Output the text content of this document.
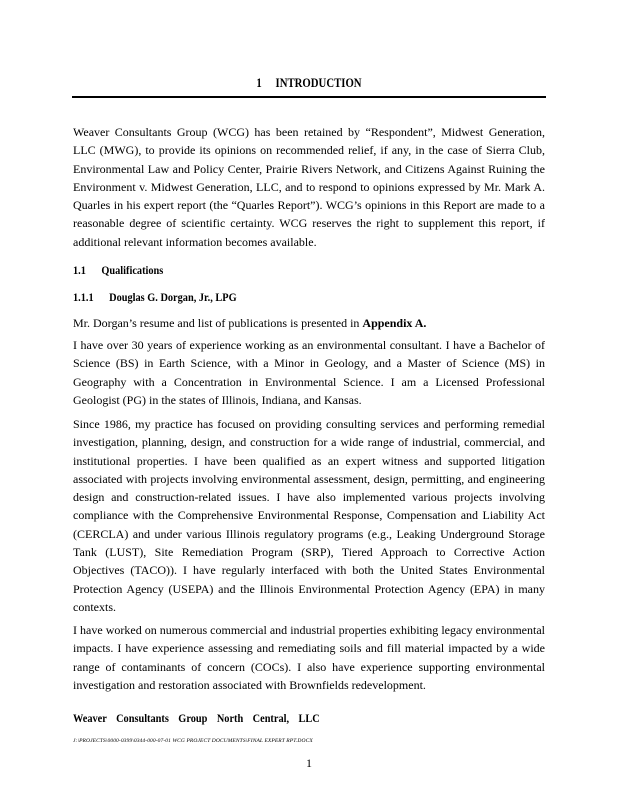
1 INTRODUCTION
Weaver Consultants Group (WCG) has been retained by “Respondent”, Midwest Generation, LLC (MWG), to provide its opinions on recommended relief, if any, in the case of Sierra Club, Environmental Law and Policy Center, Prairie Rivers Network, and Citizens Against Ruining the Environment v. Midwest Generation, LLC, and to respond to opinions expressed by Mr. Mark A. Quarles in his expert report (the “Quarles Report”). WCG’s opinions in this Report are made to a reasonable degree of scientific certainty. WCG reserves the right to supplement this report, if additional relevant information becomes available.
1.1 Qualifications
1.1.1 Douglas G. Dorgan, Jr., LPG
Mr. Dorgan’s resume and list of publications is presented in Appendix A.
I have over 30 years of experience working as an environmental consultant. I have a Bachelor of Science (BS) in Earth Science, with a Minor in Geology, and a Master of Science (MS) in Geography with a Concentration in Environmental Science. I am a Licensed Professional Geologist (PG) in the states of Illinois, Indiana, and Kansas.
Since 1986, my practice has focused on providing consulting services and performing remedial investigation, planning, design, and construction for a wide range of industrial, commercial, and institutional properties. I have been qualified as an expert witness and supported litigation associated with projects involving environmental assessment, design, permitting, and engineering design and construction-related issues. I have also implemented various projects involving compliance with the Comprehensive Environmental Response, Compensation and Liability Act (CERCLA) and under various Illinois regulatory programs (e.g., Leaking Underground Storage Tank (LUST), Site Remediation Program (SRP), Tiered Approach to Corrective Action Objectives (TACO)). I have regularly interfaced with both the United States Environmental Protection Agency (USEPA) and the Illinois Environmental Protection Agency (EPA) in many contexts.
I have worked on numerous commercial and industrial properties exhibiting legacy environmental impacts. I have experience assessing and remediating soils and fill material impacted by a wide range of contaminants of concern (COCs). I also have experience supporting environmental investigation and restoration associated with Brownfields redevelopment.
Weaver Consultants Group North Central, LLC
J:\PROJECTS\0000-0399\0344-000-07-01 WCG PROJECT DOCUMENTS\FINAL EXPERT RPT.DOCX
1
